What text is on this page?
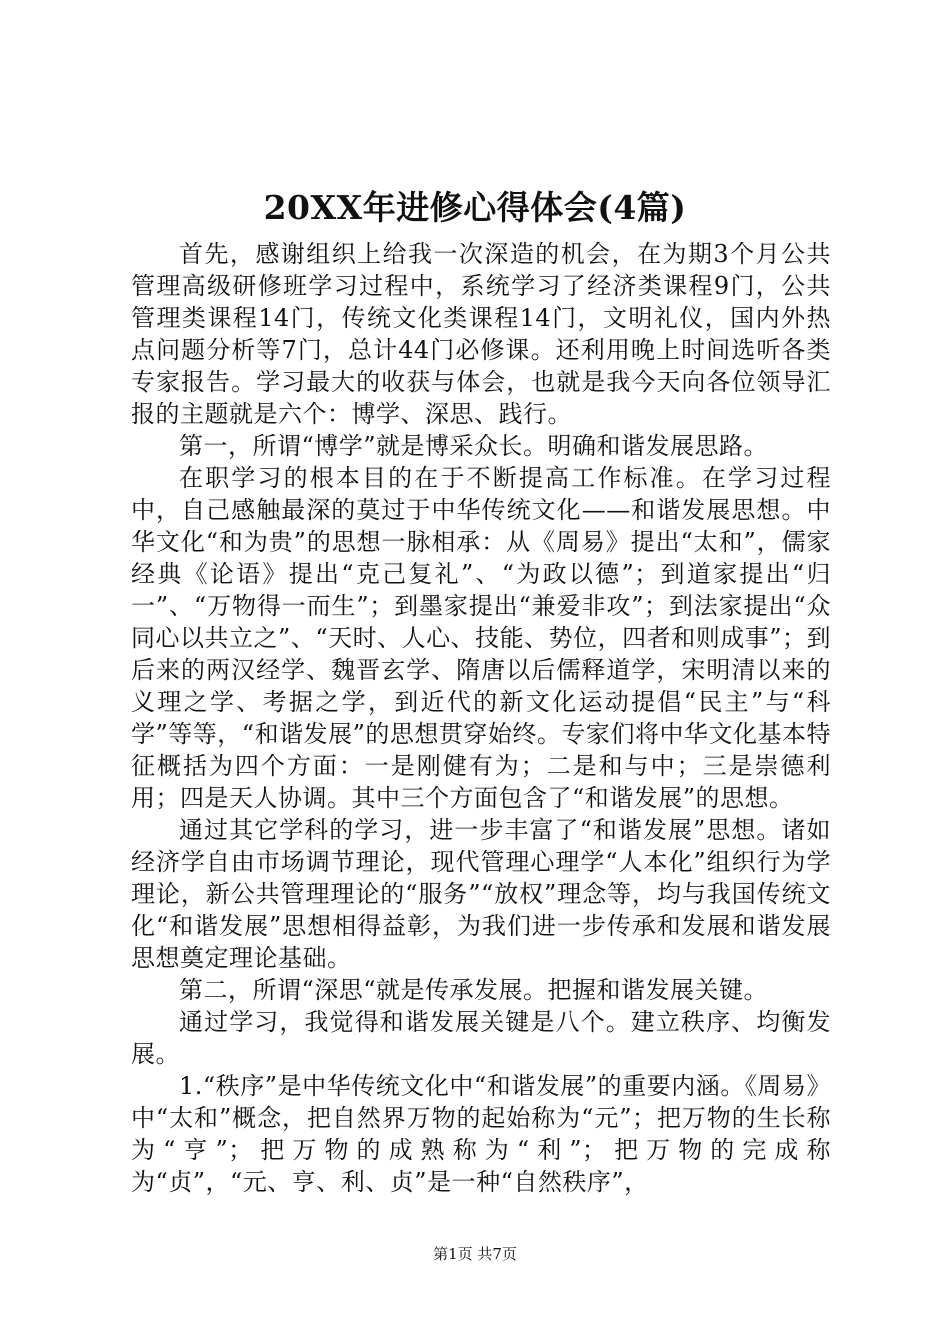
20XX年进修心得体会(4篇)

首先，感谢组织上给我一次深造的机会，在为期3个月公共管理高级研修班学习过程中，系统学习了经济类课程9门，公共管理类课程14门，传统文化类课程14门，文明礼仪，国内外热点问题分析等7门，总计44门必修课。还利用晚上时间选听各类专家报告。学习最大的收获与体会，也就是我今天向各位领导汇报的主题就是六个：博学、深思、践行。

第一，所谓“博学”就是博采众长。明确和谐发展思路。

在职学习的根本目的在于不断提高工作标准。在学习过程中，自己感触最深的莫过于中华传统文化——和谐发展思想。中华文化“和为贵”的思想一脉相承：从《周易》提出“太和”，儒家经典《论语》提出“克己复礼”、“为政以德”；到道家提出“归一”、“万物得一而生”；到墨家提出“兼爱非攻”；到法家提出“众同心以共立之”、“天时、人心、技能、势位，四者和则成事”；到后来的两汉经学、魏晋玄学、隋唐以后儒释道学，宋明清以来的义理之学、考据之学，到近代的新文化运动提倡“民主”与“科学”等等，“和谐发展”的思想贯穿始终。专家们将中华文化基本特征概括为四个方面：一是刚健有为；二是和与中；三是崇德利用；四是天人协调。其中三个方面包含了“和谐发展”的思想。

通过其它学科的学习，进一步丰富了“和谐发展”思想。诸如经济学自由市场调节理论，现代管理心理学“人本化”组织行为学理论，新公共管理理论的“服务”“放权”理念等，均与我国传统文化“和谐发展”思想相得益彰，为我们进一步传承和发展和谐发展思想奠定理论基础。

第二，所谓“深思“就是传承发展。把握和谐发展关键。

通过学习，我觉得和谐发展关键是八个。建立秩序、均衡发展。

1.“秩序”是中华传统文化中“和谐发展”的重要内涵。《周易》中“太和”概念，把自然界万物的起始称为“元”；把万物的生长称为“亨”；把万物的成熟称为“利”；把万物的完成称为“贞”，“元、亨、利、贞”是一种“自然秩序”，

第1页 共7页
